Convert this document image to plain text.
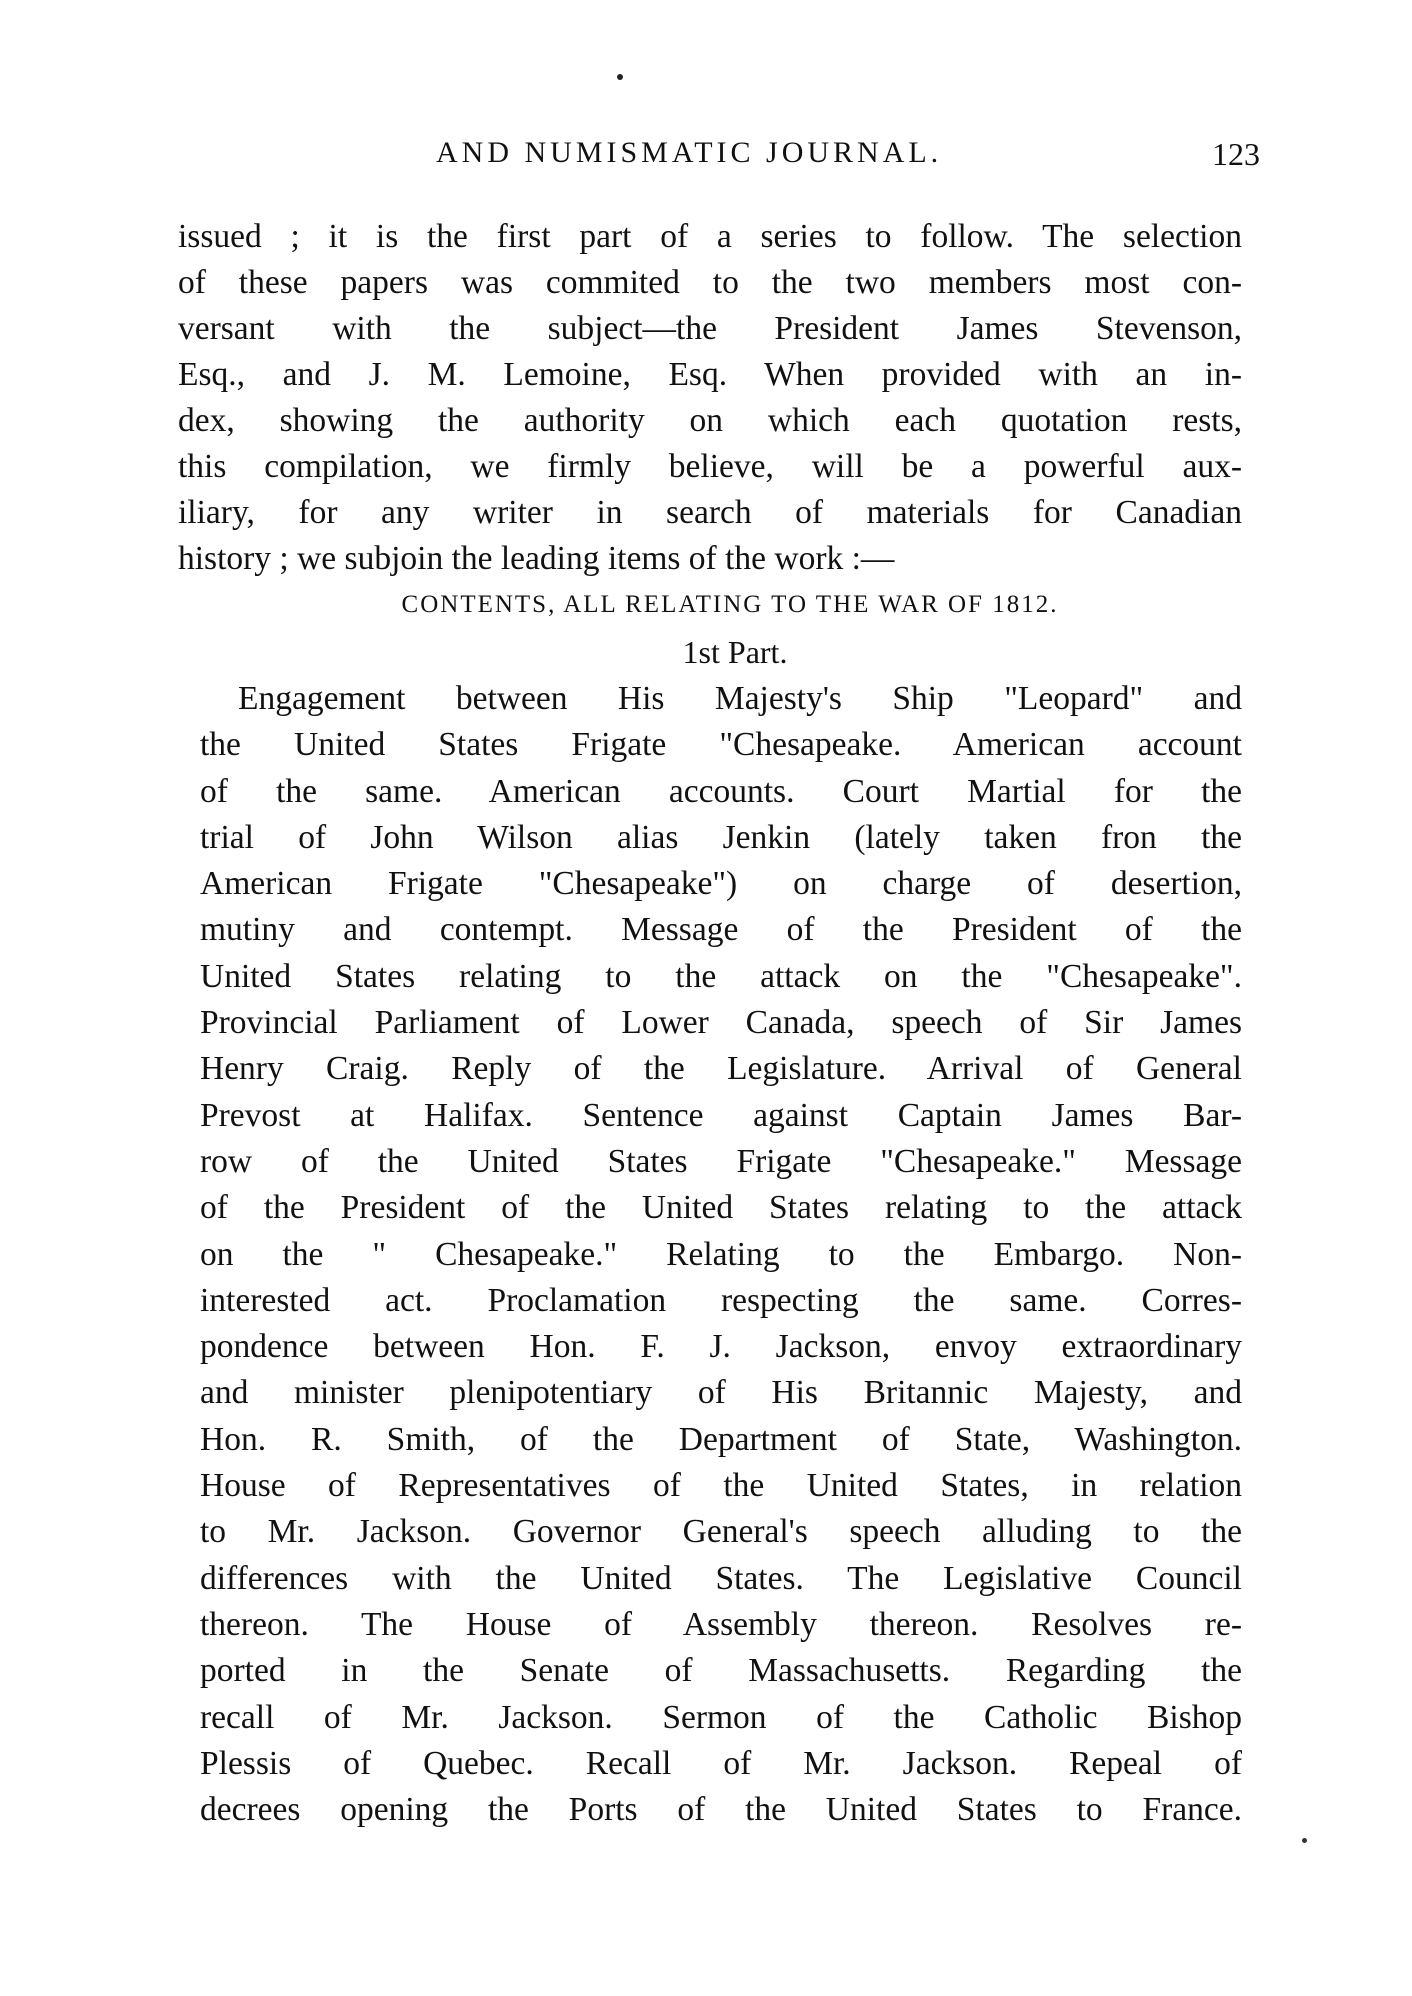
AND NUMISMATIC JOURNAL.	123
issued ; it is the first part of a series to follow. The selection
of these papers was commited to the two members most con-
versant with the subject—the President James Stevenson,
Esq., and J. M. Lemoine, Esq. When provided with an in-
dex, showing the authority on which each quotation rests,
this compilation, we firmly believe, will be a powerful aux-
iliary, for any writer in search of materials for Canadian
history ; we subjoin the leading items of the work :—
CONTENTS, ALL RELATING TO THE WAR OF 1812.
1st Part.
Engagement between His Majesty's Ship "Leopard" and
the United States Frigate "Chesapeake. American account
of the same. American accounts. Court Martial for the
trial of John Wilson alias Jenkin (lately taken fron the
American Frigate "Chesapeake") on charge of desertion,
mutiny and contempt. Message of the President of the
United States relating to the attack on the "Chesapeake".
Provincial Parliament of Lower Canada, speech of Sir James
Henry Craig. Reply of the Legislature. Arrival of General
Prevost at Halifax. Sentence against Captain James Bar-
row of the United States Frigate "Chesapeake." Message
of the President of the United States relating to the attack
on the " Chesapeake." Relating to the Embargo. Non-
interested act. Proclamation respecting the same. Corres-
pondence between Hon. F. J. Jackson, envoy extraordinary
and minister plenipotentiary of His Britannic Majesty, and
Hon. R. Smith, of the Department of State, Washington.
House of Representatives of the United States, in relation
to Mr. Jackson. Governor General's speech alluding to the
differences with the United States. The Legislative Council
thereon. The House of Assembly thereon. Resolves re-
ported in the Senate of Massachusetts. Regarding the
recall of Mr. Jackson. Sermon of the Catholic Bishop
Plessis of Quebec. Recall of Mr. Jackson. Repeal of
decrees opening the Ports of the United States to France.
